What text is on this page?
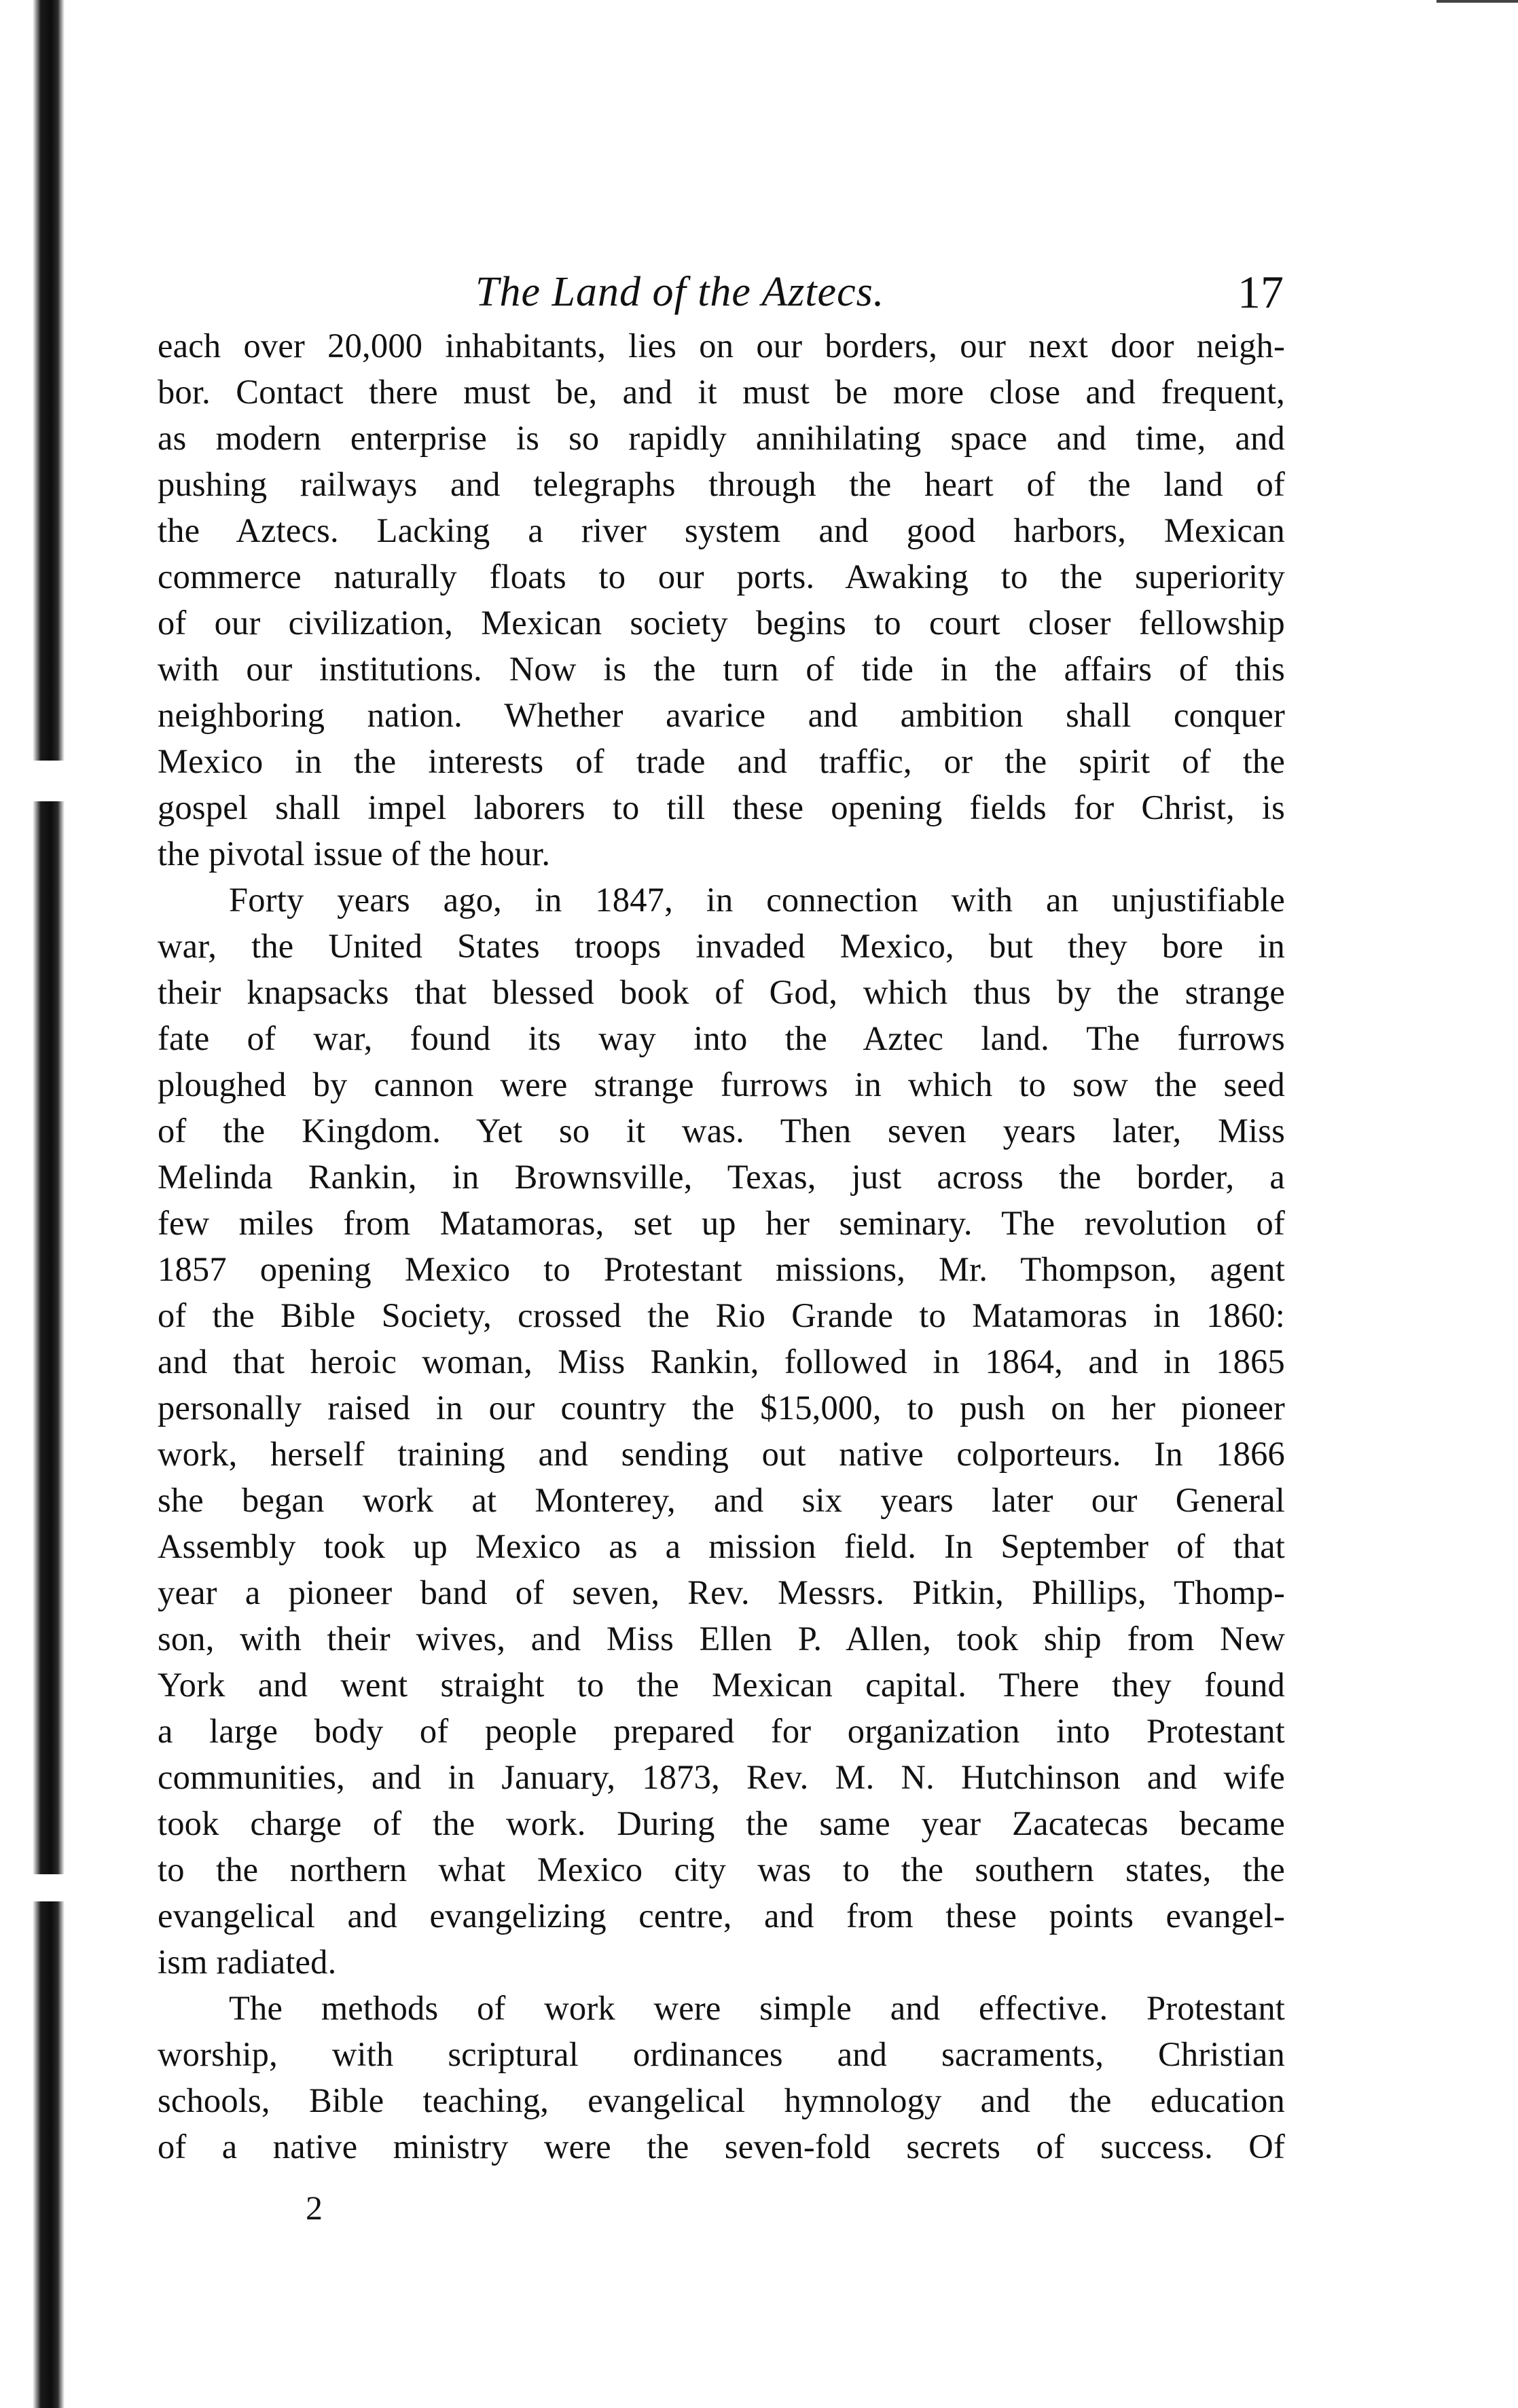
The Land of the Aztecs.	17
each over 20,000 inhabitants, lies on our borders, our next door neigh-
bor. Contact there must be, and it must be more close and frequent,
as modern enterprise is so rapidly annihilating space and time, and
pushing railways and telegraphs through the heart of the land of
the Aztecs. Lacking a river system and good harbors, Mexican
commerce naturally floats to our ports. Awaking to the superiority
of our civilization, Mexican society begins to court closer fellowship
with our institutions. Now is the turn of tide in the affairs of this
neighboring nation. Whether avarice and ambition shall conquer
Mexico in the interests of trade and traffic, or the spirit of the
gospel shall impel laborers to till these opening fields for Christ, is
the pivotal issue of the hour.
Forty years ago, in 1847, in connection with an unjustifiable
war, the United States troops invaded Mexico, but they bore in
their knapsacks that blessed book of God, which thus by the strange
fate of war, found its way into the Aztec land. The furrows
ploughed by cannon were strange furrows in which to sow the seed
of the Kingdom. Yet so it was. Then seven years later, Miss
Melinda Rankin, in Brownsville, Texas, just across the border, a
few miles from Matamoras, set up her seminary. The revolution of
1857 opening Mexico to Protestant missions, Mr. Thompson, agent
of the Bible Society, crossed the Rio Grande to Matamoras in 1860:
and that heroic woman, Miss Rankin, followed in 1864, and in 1865
personally raised in our country the $15,000, to push on her pioneer
work, herself training and sending out native colporteurs. In 1866
she began work at Monterey, and six years later our General
Assembly took up Mexico as a mission field. In September of that
year a pioneer band of seven, Rev. Messrs. Pitkin, Phillips, Thomp-
son, with their wives, and Miss Ellen P. Allen, took ship from New
York and went straight to the Mexican capital. There they found
a large body of people prepared for organization into Protestant
communities, and in January, 1873, Rev. M. N. Hutchinson and wife
took charge of the work. During the same year Zacatecas became
to the northern what Mexico city was to the southern states, the
evangelical and evangelizing centre, and from these points evangel-
ism radiated.
The methods of work were simple and effective. Protestant
worship, with scriptural ordinances and sacraments, Christian
schools, Bible teaching, evangelical hymnology and the education
of a native ministry were the seven-fold secrets of success. Of
2
